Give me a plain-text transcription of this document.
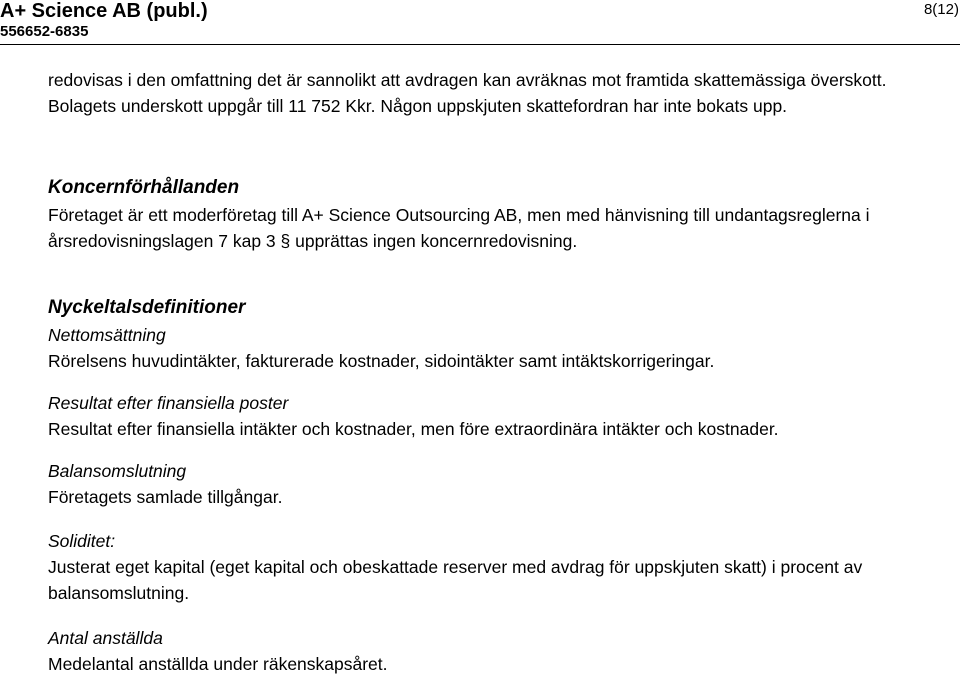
A+ Science AB (publ.)
556652-6835
8(12)

redovisas i den omfattning det är sannolikt att avdragen kan avräknas mot framtida skattemässiga överskott. Bolagets underskott uppgår till 11 752 Kkr. Någon uppskjuten skattefordran har inte bokats upp.

Koncernförhållanden

Företaget är ett moderföretag till A+ Science Outsourcing AB, men med hänvisning till undantagsreglerna i årsredovisningslagen 7 kap 3 § upprättas ingen koncernredovisning.

Nyckeltalsdefinitioner

Nettomsättning

Rörelsens huvudintäkter, fakturerade kostnader, sidointäkter samt intäktskorrigeringar.

Resultat efter finansiella poster

Resultat efter finansiella intäkter och kostnader, men före extraordinära intäkter och kostnader.

Balansomslutning

Företagets samlade tillgångar.

Soliditet:

Justerat eget kapital (eget kapital och obeskattade reserver med avdrag för uppskjuten skatt) i procent av balansomslutning.

Antal anställda

Medelantal anställda under räkenskapsåret.
